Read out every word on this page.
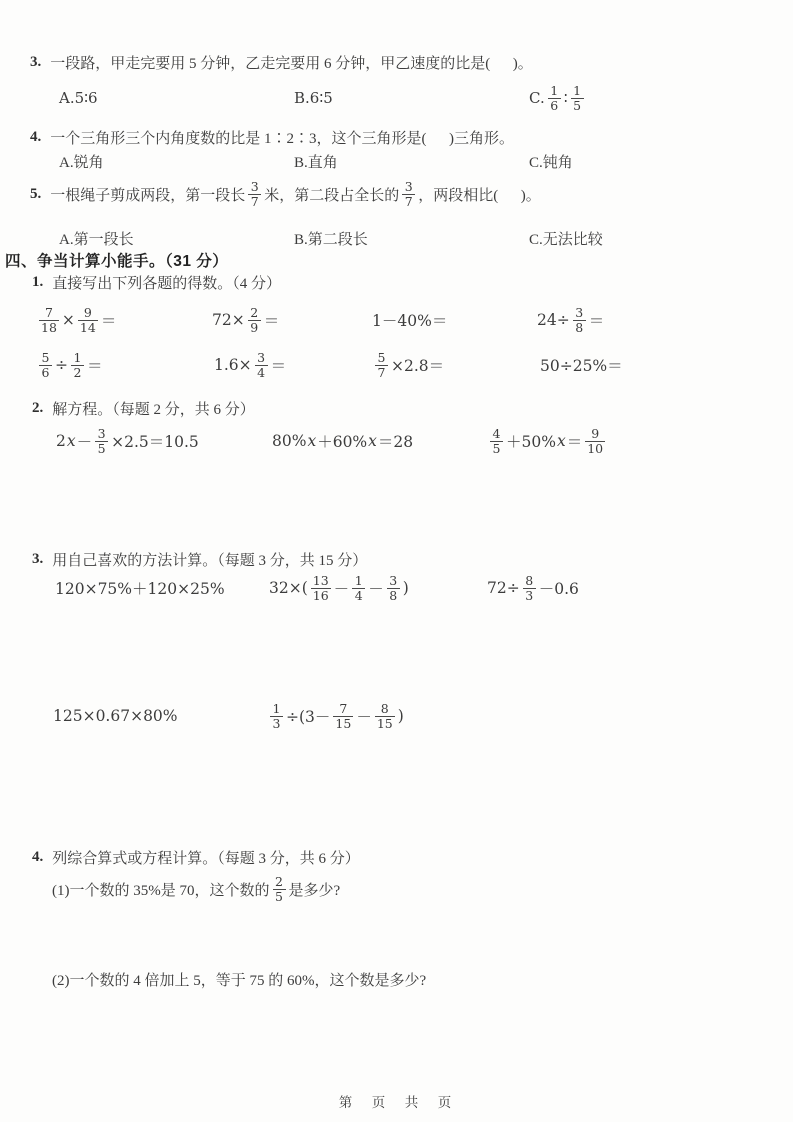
3. 一段路，甲走完要用 5 分钟，乙走完要用 6 分钟，甲乙速度的比是(      )。
A.5∶6	B.6∶5	C. $\frac{1}{6}$ ∶ $\frac{1}{5}$
4. 一个三角形三个内角度数的比是 1∶2∶3，这个三角形是(      )三角形。
A.锐角	B.直角	C.钝角
5. 一根绳子剪成两段，第一段长 $\frac{3}{7}$ 米，第二段占全长的 $\frac{3}{7}$ ，两段相比(      )。
A.第一段长	B.第二段长	C.无法比较
四、争当计算小能手。（31 分）
1. 直接写出下列各题的得数。（4 分）
$\frac{7}{18} \times \frac{9}{14}$ ＝	$72\times \frac{2}{9}$ ＝	1－40%＝	$24\div \frac{3}{8}$ ＝
$\frac{5}{6} \div \frac{1}{2}$ ＝	$1.6\times \frac{3}{4}$ ＝	$\frac{5}{7} \times 2.8=$	50÷25%＝
2. 解方程。（每题 2 分，共 6 分）
2 $x - \frac{3}{5} \times 2.5=10.5$	80% x ＋60% x ＝28	$\frac{4}{5} +50\%$ $x = \frac{9}{10}$
3. 用自己喜欢的方法计算。（每题 3 分，共 15 分）
120×75%＋120×25%	$32\times( \frac{13}{16} - \frac{1}{4} - \frac{3}{8}$ )	$72\div \frac{8}{3} -0.6$
125×0.67×80%	$\frac{1}{3} \div(3- \frac{7}{15} - \frac{8}{15}$ )
4. 列综合算式或方程计算。（每题 3 分，共 6 分）
(1)一个数的 35%是 70，这个数的 $\frac{2}{5}$ 是多少?
(2)一个数的 4 倍加上 5，等于 75 的 60%，这个数是多少?
第　页　共　页
